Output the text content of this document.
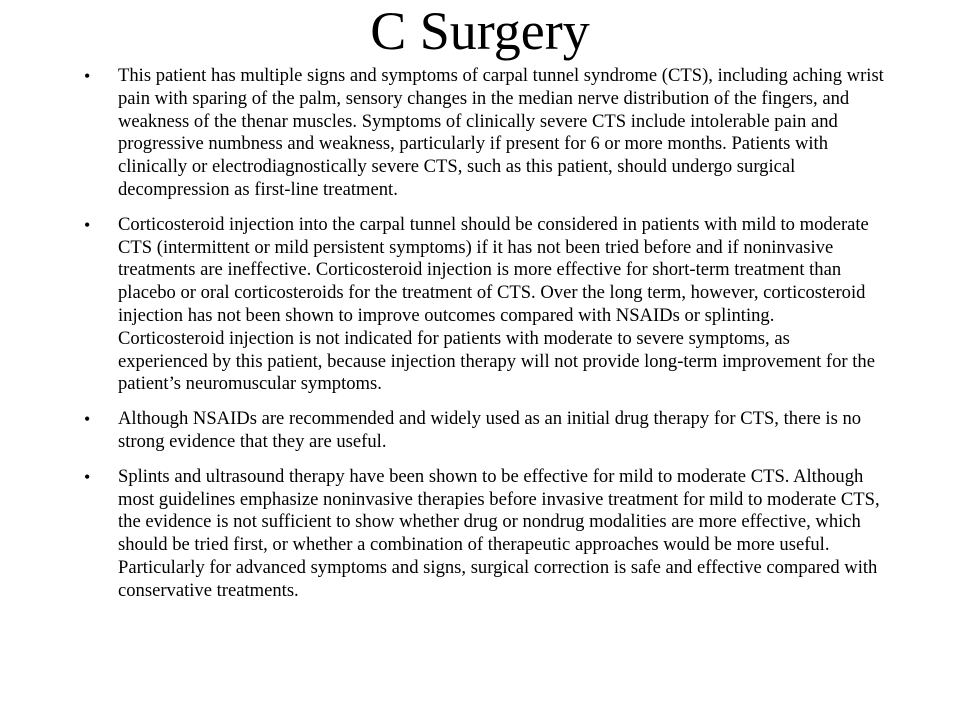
C Surgery
• This patient has multiple signs and symptoms of carpal tunnel syndrome (CTS), including aching wrist pain with sparing of the palm, sensory changes in the median nerve distribution of the fingers, and weakness of the thenar muscles. Symptoms of clinically severe CTS include intolerable pain and progressive numbness and weakness, particularly if present for 6 or more months. Patients with clinically or electrodiagnostically severe CTS, such as this patient, should undergo surgical decompression as first-line treatment.
• Corticosteroid injection into the carpal tunnel should be considered in patients with mild to moderate CTS (intermittent or mild persistent symptoms) if it has not been tried before and if noninvasive treatments are ineffective. Corticosteroid injection is more effective for short-term treatment than placebo or oral corticosteroids for the treatment of CTS. Over the long term, however, corticosteroid injection has not been shown to improve outcomes compared with NSAIDs or splinting. Corticosteroid injection is not indicated for patients with moderate to severe symptoms, as experienced by this patient, because injection therapy will not provide long-term improvement for the patient’s neuromuscular symptoms.
• Although NSAIDs are recommended and widely used as an initial drug therapy for CTS, there is no strong evidence that they are useful.
• Splints and ultrasound therapy have been shown to be effective for mild to moderate CTS. Although most guidelines emphasize noninvasive therapies before invasive treatment for mild to moderate CTS, the evidence is not sufficient to show whether drug or nondrug modalities are more effective, which should be tried first, or whether a combination of therapeutic approaches would be more useful. Particularly for advanced symptoms and signs, surgical correction is safe and effective compared with conservative treatments.
